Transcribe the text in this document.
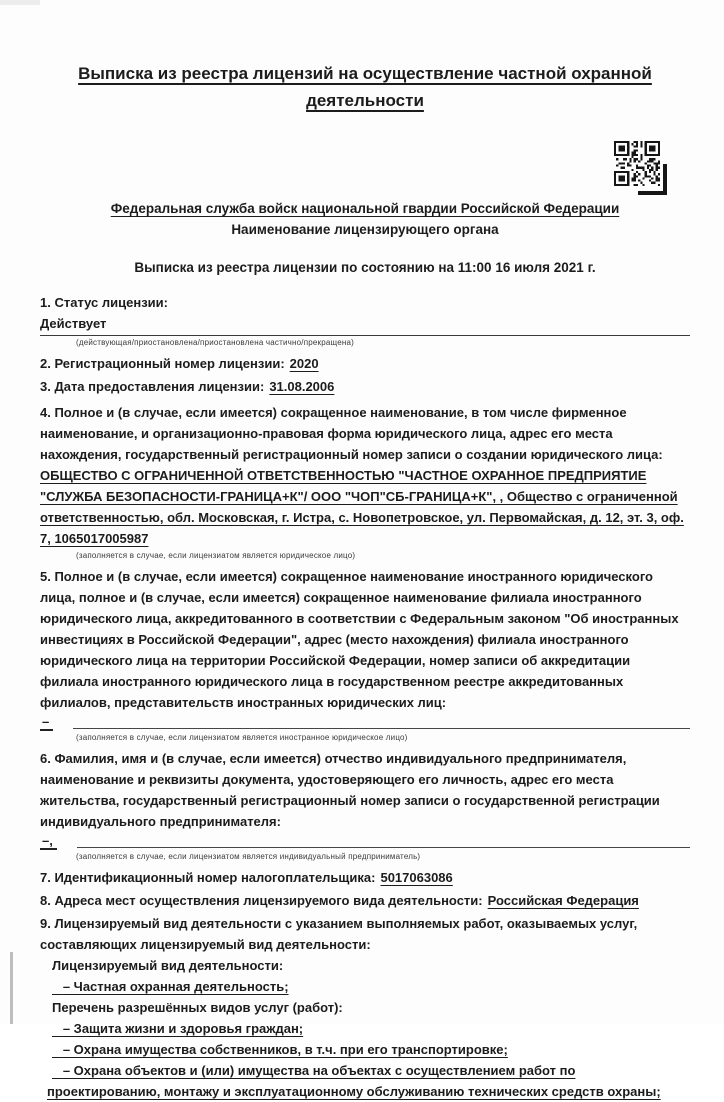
Выписка из реестра лицензий на осуществление частной охранной деятельности
Федеральная служба войск национальной гвардии Российской Федерации
Наименование лицензирующего органа
Выписка из реестра лицензии по состоянию на 11:00 16 июля 2021 г.
1. Статус лицензии:
Действует
(действующая/приостановлена/приостановлена частично/прекращена)
2. Регистрационный номер лицензии: 2020
3. Дата предоставления лицензии: 31.08.2006
4. Полное и (в случае, если имеется) сокращенное наименование, в том числе фирменное наименование, и организационно-правовая форма юридического лица, адрес его места нахождения, государственный регистрационный номер записи о создании юридического лица:
ОБЩЕСТВО С ОГРАНИЧЕННОЙ ОТВЕТСТВЕННОСТЬЮ "ЧАСТНОЕ ОХРАННОЕ ПРЕДПРИЯТИЕ "СЛУЖБА БЕЗОПАСНОСТИ-ГРАНИЦА+К"/ ООО "ЧОП"СБ-ГРАНИЦА+К", , Общество с ограниченной ответственностью, обл. Московская, г. Истра, с. Новопетровское, ул. Первомайская, д. 12, эт. 3, оф. 7, 1065017005987
(заполняется в случае, если лицензиатом является юридическое лицо)
5. Полное и (в случае, если имеется) сокращенное наименование иностранного юридического лица, полное и (в случае, если имеется) сокращенное наименование филиала иностранного юридического лица, аккредитованного в соответствии с Федеральным законом "Об иностранных инвестициях в Российской Федерации", адрес (место нахождения) филиала иностранного юридического лица на территории Российской Федерации, номер записи об аккредитации филиала иностранного юридического лица в государственном реестре аккредитованных филиалов, представительств иностранных юридических лиц:
–
(заполняется в случае, если лицензиатом является иностранное юридическое лицо)
6. Фамилия, имя и (в случае, если имеется) отчество индивидуального предпринимателя, наименование и реквизиты документа, удостоверяющего его личность, адрес его места жительства, государственный регистрационный номер записи о государственной регистрации индивидуального предпринимателя:
–,
(заполняется в случае, если лицензиатом является индивидуальный предприниматель)
7. Идентификационный номер налогоплательщика: 5017063086
8. Адреса мест осуществления лицензируемого вида деятельности: Российская Федерация
9. Лицензируемый вид деятельности с указанием выполняемых работ, оказываемых услуг, составляющих лицензируемый вид деятельности:
Лицензируемый вид деятельности:
– Частная охранная деятельность;
Перечень разрешённых видов услуг (работ):
– Защита жизни и здоровья граждан;
– Охрана имущества собственников, в т.ч. при его транспортировке;
– Охрана объектов и (или) имущества на объектах с осуществлением работ по проектированию, монтажу и эксплуатационному обслуживанию технических средств охраны;
